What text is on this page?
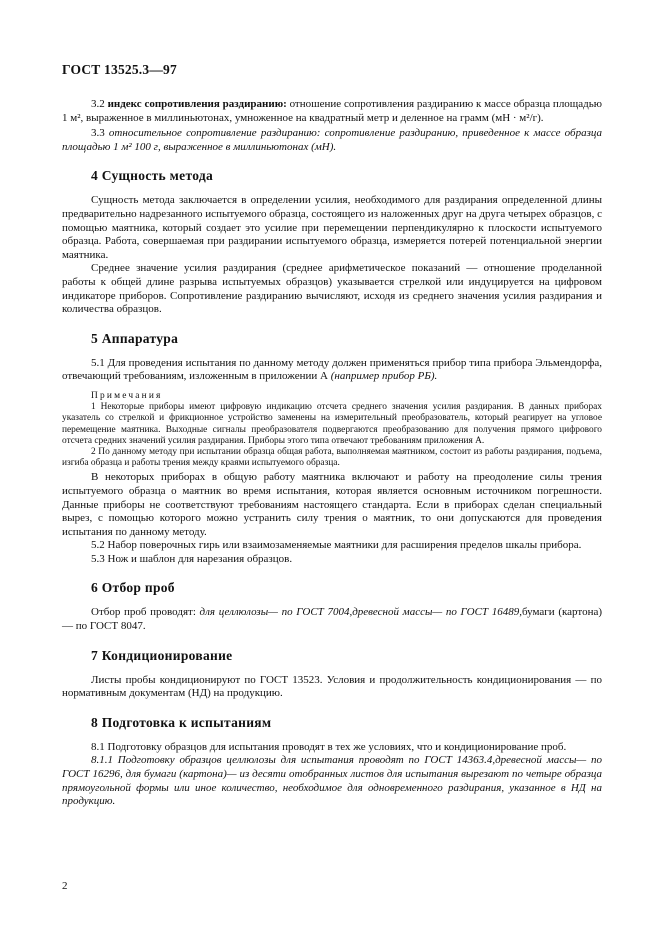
ГОСТ 13525.3—97

3.2 индекс сопротивления раздиранию: отношение сопротивления раздиранию к массе образца площадью 1 м², выраженное в миллиньютонах, умноженное на квадратный метр и деленное на грамм (мН · м²/г).

3.3 относительное сопротивление раздиранию: сопротивление раздиранию, приведенное к массе образца площадью 1 м² 100 г, выраженное в миллиньютонах (мН).

4 Сущность метода

Сущность метода заключается в определении усилия, необходимого для раздирания определенной длины предварительно надрезанного испытуемого образца, состоящего из наложенных друг на друга четырех образцов, с помощью маятника, который создает это усилие при перемещении перпендикулярно к плоскости испытуемого образца. Работа, совершаемая при раздирании испытуемого образца, измеряется потерей потенциальной энергии маятника.

Среднее значение усилия раздирания (среднее арифметическое показаний — отношение проделанной работы к общей длине разрыва испытуемых образцов) указывается стрелкой или индуцируется на цифровом индикаторе приборов. Сопротивление раздиранию вычисляют, исходя из среднего значения усилия раздирания и количества образцов.

5 Аппаратура

5.1 Для проведения испытания по данному методу должен применяться прибор типа прибора Эльмендорфа, отвечающий требованиям, изложенным в приложении А (например прибор РБ).

Примечания

1 Некоторые приборы имеют цифровую индикацию отсчета среднего значения усилия раздирания. В данных приборах указатель со стрелкой и фрикционное устройство заменены на измерительный преобразователь, который реагирует на угловое перемещение маятника. Выходные сигналы преобразователя подвергаются преобразованию для получения прямого цифрового отсчета средних значений усилия раздирания. Приборы этого типа отвечают требованиям приложения А.

2 По данному методу при испытании образца общая работа, выполняемая маятником, состоит из работы раздирания, подъема, изгиба образца и работы трения между краями испытуемого образца.

В некоторых приборах в общую работу маятника включают и работу на преодоление силы трения испытуемого образца о маятник во время испытания, которая является основным источником погрешности. Данные приборы не соответствуют требованиям настоящего стандарта. Если в приборах сделан специальный вырез, с помощью которого можно устранить силу трения о маятник, то они допускаются для проведения испытания по данному методу.

5.2 Набор поверочных гирь или взаимозаменяемые маятники для расширения пределов шкалы прибора.

5.3 Нож и шаблон для нарезания образцов.

6 Отбор проб

Отбор проб проводят: для целлюлозы— по ГОСТ 7004,древесной массы— по ГОСТ 16489,бумаги (картона) — по ГОСТ 8047.

7 Кондиционирование

Листы пробы кондиционируют по ГОСТ 13523. Условия и продолжительность кондиционирования — по нормативным документам (НД) на продукцию.

8 Подготовка к испытаниям

8.1 Подготовку образцов для испытания проводят в тех же условиях, что и кондиционирование проб.

8.1.1 Подготовку образцов целлюлозы для испытания проводят по ГОСТ 14363.4,древесной массы— по ГОСТ 16296, для бумаги (картона)— из десяти отобранных листов для испытания вырезают по четыре образца прямоугольной формы или иное количество, необходимое для одновременного раздирания, указанное в НД на продукцию.

2
